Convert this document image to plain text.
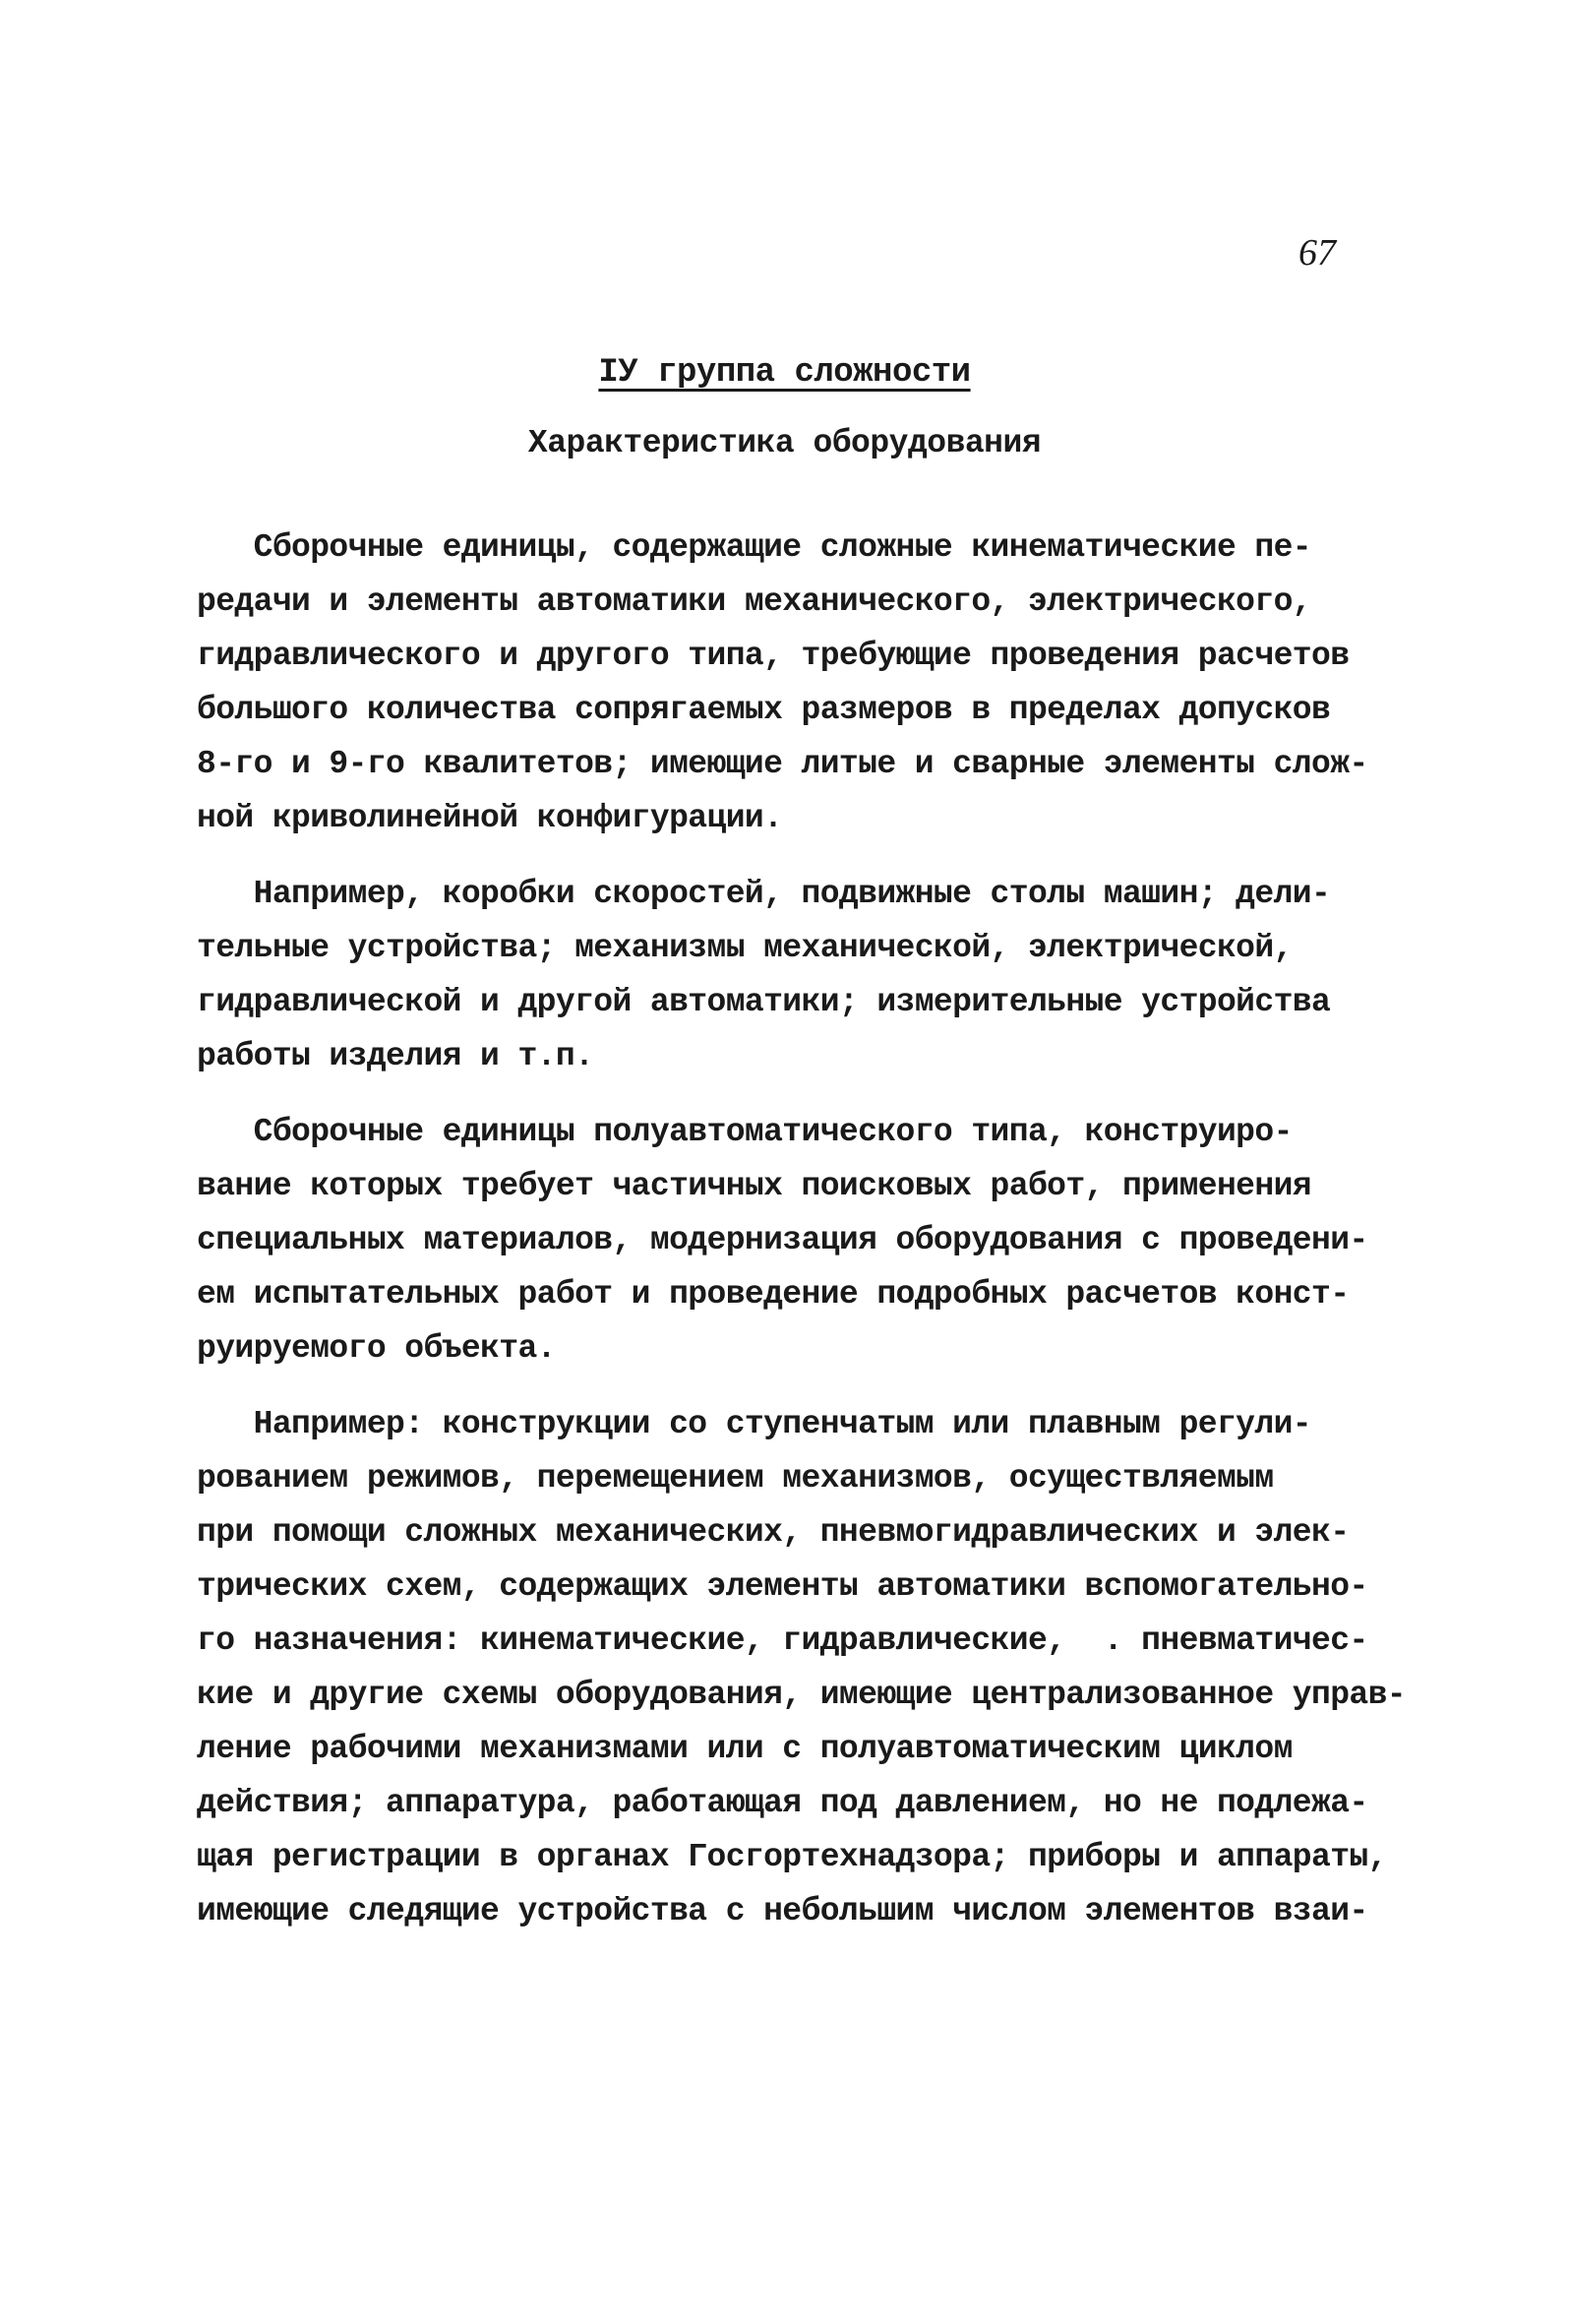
67
IУ группа сложности
Характеристика оборудования
Сборочные единицы, содержащие сложные кинематические пе-
редачи и элементы автоматики механического, электрического,
гидравлического и другого типа, требующие проведения расчетов
большого количества сопрягаемых размеров в пределах допусков
8-го и 9-го квалитетов; имеющие литые и сварные элементы слож-
ной криволинейной конфигурации.
Например, коробки скоростей, подвижные столы машин; дели-
тельные устройства; механизмы механической, электрической,
гидравлической и другой автоматики; измерительные устройства
работы изделия и т.п.
Сборочные единицы полуавтоматического типа, конструиро-
вание которых требует частичных поисковых работ, применения
специальных материалов, модернизация оборудования с проведени-
ем испытательных работ и проведение подробных расчетов конст-
руируемого объекта.
Например: конструкции со ступенчатым или плавным регули-
рованием режимов, перемещением механизмов, осуществляемым
при помощи сложных механических, пневмогидравлических и элек-
трических схем, содержащих элементы автоматики вспомогательно-
го назначения: кинематические, гидравлические,  . пневматичес-
кие и другие схемы оборудования, имеющие централизованное управ-
ление рабочими механизмами или с полуавтоматическим циклом
действия; аппаратура, работающая под давлением, но не подлежа-
щая регистрации в органах Госгортехнадзора; приборы и аппараты,
имеющие следящие устройства с небольшим числом элементов взаи-
